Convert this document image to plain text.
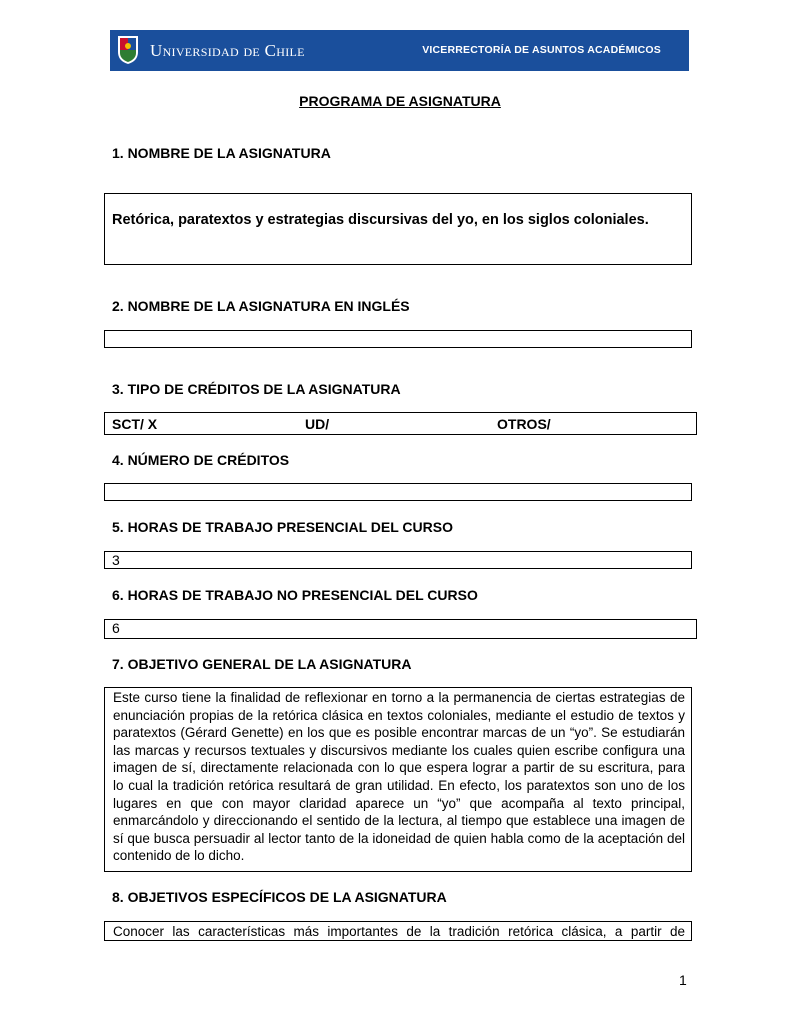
Universidad de Chile	VICERRECTORÍA DE ASUNTOS ACADÉMICOS
PROGRAMA DE ASIGNATURA
1. NOMBRE DE LA ASIGNATURA
Retórica, paratextos y estrategias discursivas del yo, en los siglos coloniales.
2. NOMBRE DE LA ASIGNATURA EN INGLÉS
3. TIPO DE CRÉDITOS DE LA ASIGNATURA
SCT/ X	UD/	OTROS/
4. NÚMERO DE CRÉDITOS
5. HORAS DE TRABAJO PRESENCIAL DEL CURSO
3
6. HORAS DE TRABAJO NO PRESENCIAL DEL CURSO
6
7. OBJETIVO GENERAL DE LA ASIGNATURA
Este curso tiene la finalidad de reflexionar en torno a la permanencia de ciertas estrategias de enunciación propias de la retórica clásica en textos coloniales, mediante el estudio de textos y paratextos (Gérard Genette) en los que es posible encontrar marcas de un “yo”. Se estudiarán las marcas y recursos textuales y discursivos mediante los cuales quien escribe configura una imagen de sí, directamente relacionada con lo que espera lograr a partir de su escritura, para lo cual la tradición retórica resultará de gran utilidad. En efecto, los paratextos son uno de los lugares en que con mayor claridad aparece un “yo” que acompaña al texto principal, enmarcándolo y direccionando el sentido de la lectura, al tiempo que establece una imagen de sí que busca persuadir al lector tanto de la idoneidad de quien habla como de la aceptación del contenido de lo dicho.
8. OBJETIVOS ESPECÍFICOS DE LA ASIGNATURA
Conocer las características más importantes de la tradición retórica clásica, a partir de
1
